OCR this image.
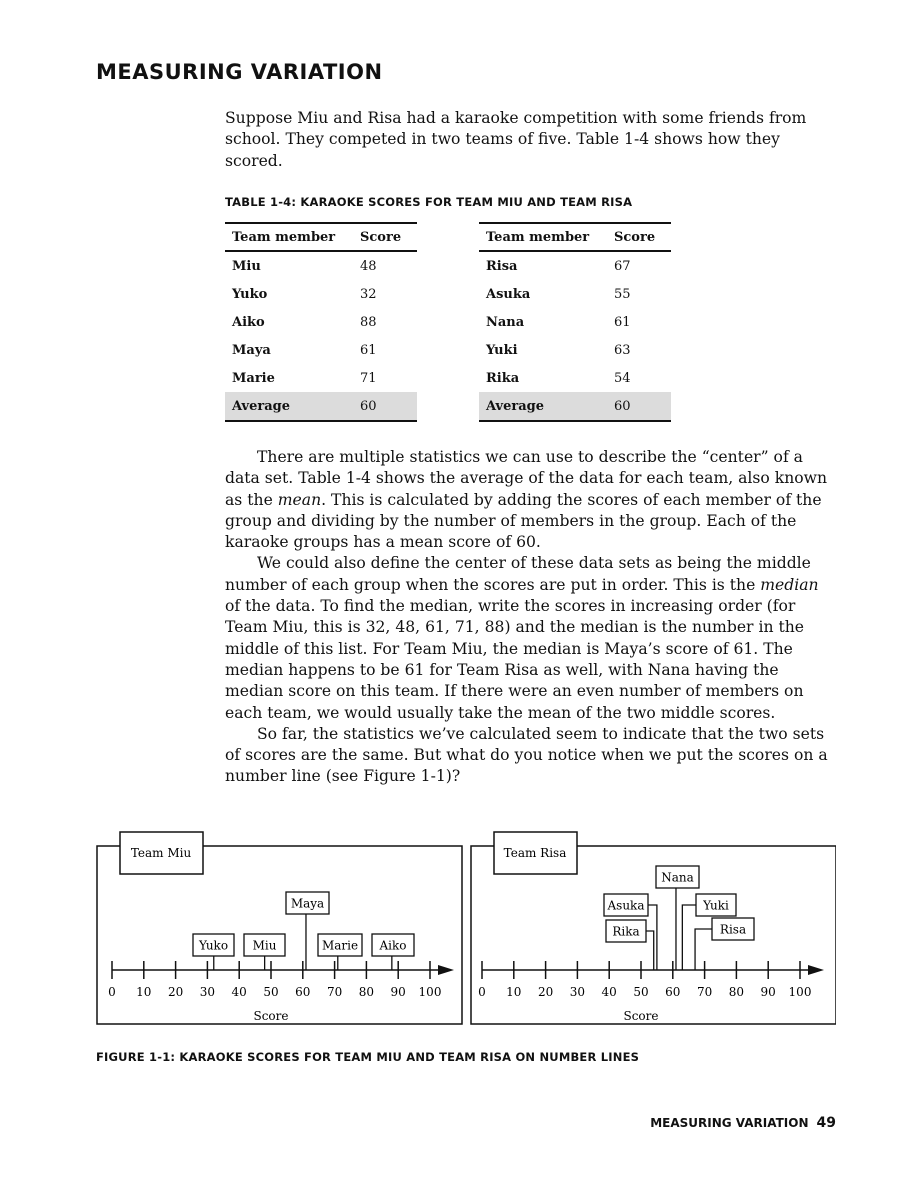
MEASURING VARIATION

Suppose Miu and Risa had a karaoke competition with some friends from school. They competed in two teams of five. Table 1-4 shows how they scored.

TABLE 1-4: KARAOKE SCORES FOR TEAM MIU AND TEAM RISA

Team member	Score
Miu	48
Yuko	32
Aiko	88
Maya	61
Marie	71
Average	60
Team member	Score
Risa	67
Asuka	55
Nana	61
Yuki	63
Rika	54
Average	60

There are multiple statistics we can use to describe the “center” of a data set. Table 1-4 shows the average of the data for each team, also known as the mean. This is calculated by adding the scores of each member of the group and dividing by the number of members in the group. Each of the karaoke groups has a mean score of 60.

We could also define the center of these data sets as being the middle number of each group when the scores are put in order. This is the median of the data. To find the median, write the scores in increasing order (for Team Miu, this is 32, 48, 61, 71, 88) and the median is the number in the middle of this list. For Team Miu, the median is Maya’s score of 61. The median happens to be 61 for Team Risa as well, with Nana having the median score on this team. If there were an even number of members on each team, we would usually take the mean of the two middle scores.

So far, the statistics we’ve calculated seem to indicate that the two sets of scores are the same. But what do you notice when we put the scores on a number line (see Figure 1-1)?

Team Miu
0 10 20 30 40 50 60 70 80 90 100
Score
Yuko Miu
Maya
Marie Aiko
Team Risa
0 10 20 30 40 50 60 70 80 90 100
Score
Rika
Asuka
Nana
Yuki
Risa

FIGURE 1-1: KARAOKE SCORES FOR TEAM MIU AND TEAM RISA ON NUMBER LINES

MEASURING VARIATION 49
